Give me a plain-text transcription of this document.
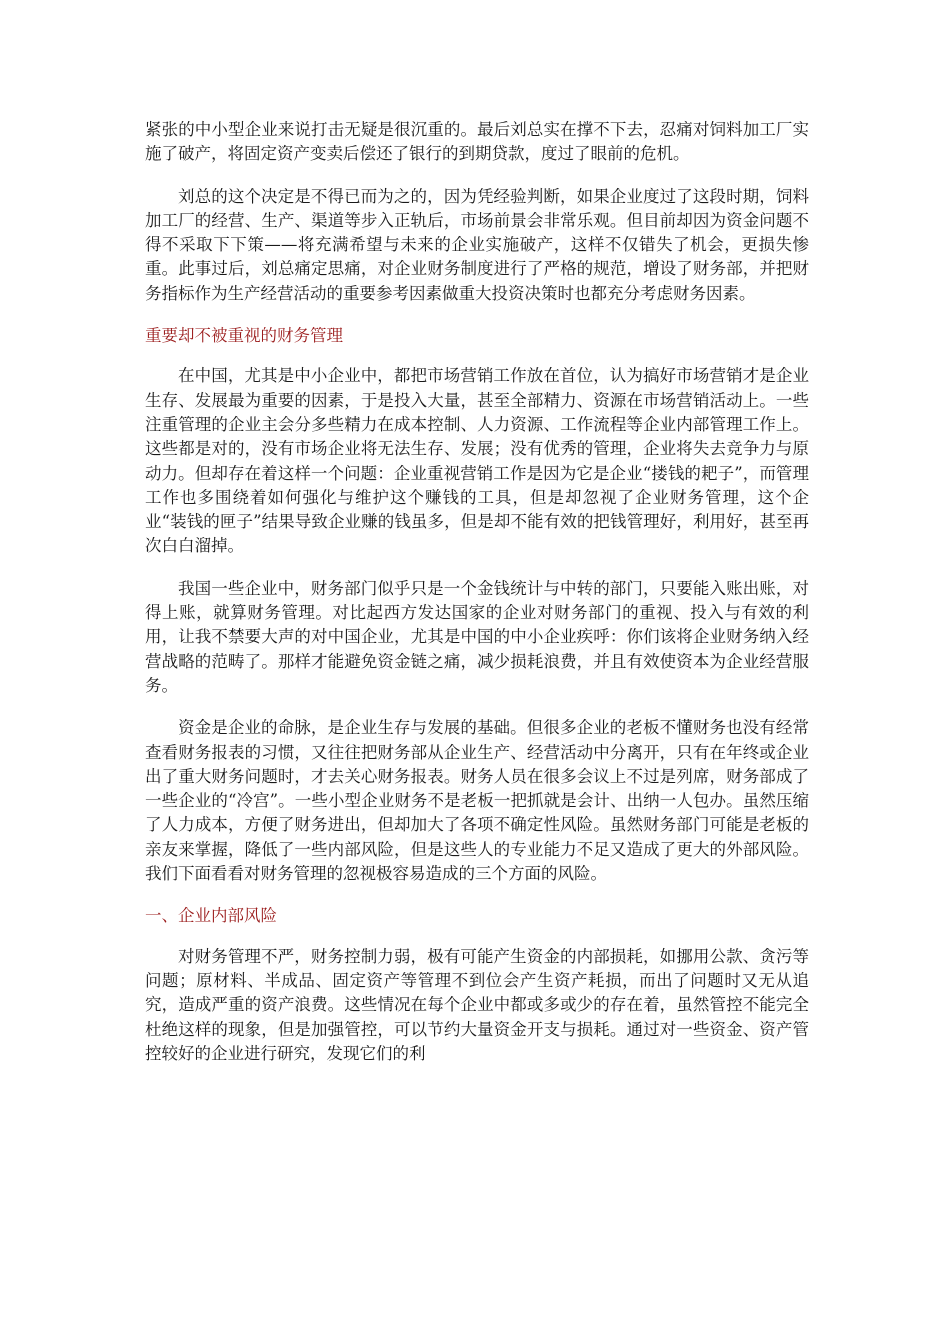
紧张的中小型企业来说打击无疑是很沉重的。最后刘总实在撑不下去，忍痛对饲料加工厂实施了破产，将固定资产变卖后偿还了银行的到期贷款，度过了眼前的危机。

刘总的这个决定是不得已而为之的，因为凭经验判断，如果企业度过了这段时期，饲料加工厂的经营、生产、渠道等步入正轨后，市场前景会非常乐观。但目前却因为资金问题不得不采取下下策——将充满希望与未来的企业实施破产，这样不仅错失了机会，更损失惨重。此事过后，刘总痛定思痛，对企业财务制度进行了严格的规范，增设了财务部，并把财务指标作为生产经营活动的重要参考因素做重大投资决策时也都充分考虑财务因素。

重要却不被重视的财务管理

在中国，尤其是中小企业中，都把市场营销工作放在首位，认为搞好市场营销才是企业生存、发展最为重要的因素，于是投入大量，甚至全部精力、资源在市场营销活动上。一些注重管理的企业主会分多些精力在成本控制、人力资源、工作流程等企业内部管理工作上。这些都是对的，没有市场企业将无法生存、发展；没有优秀的管理，企业将失去竞争力与原动力。但却存在着这样一个问题：企业重视营销工作是因为它是企业“搂钱的耙子”，而管理工作也多围绕着如何强化与维护这个赚钱的工具，但是却忽视了企业财务管理，这个企业“装钱的匣子”结果导致企业赚的钱虽多，但是却不能有效的把钱管理好，利用好，甚至再次白白溜掉。

我国一些企业中，财务部门似乎只是一个金钱统计与中转的部门，只要能入账出账，对得上账，就算财务管理。对比起西方发达国家的企业对财务部门的重视、投入与有效的利用，让我不禁要大声的对中国企业，尤其是中国的中小企业疾呼：你们该将企业财务纳入经营战略的范畴了。那样才能避免资金链之痛，减少损耗浪费，并且有效使资本为企业经营服务。

资金是企业的命脉，是企业生存与发展的基础。但很多企业的老板不懂财务也没有经常查看财务报表的习惯，又往往把财务部从企业生产、经营活动中分离开，只有在年终或企业出了重大财务问题时，才去关心财务报表。财务人员在很多会议上不过是列席，财务部成了一些企业的“冷宫”。一些小型企业财务不是老板一把抓就是会计、出纳一人包办。虽然压缩了人力成本，方便了财务进出，但却加大了各项不确定性风险。虽然财务部门可能是老板的亲友来掌握，降低了一些内部风险，但是这些人的专业能力不足又造成了更大的外部风险。我们下面看看对财务管理的忽视极容易造成的三个方面的风险。

一、企业内部风险

对财务管理不严，财务控制力弱，极有可能产生资金的内部损耗，如挪用公款、贪污等问题；原材料、半成品、固定资产等管理不到位会产生资产耗损，而出了问题时又无从追究，造成严重的资产浪费。这些情况在每个企业中都或多或少的存在着，虽然管控不能完全杜绝这样的现象，但是加强管控，可以节约大量资金开支与损耗。通过对一些资金、资产管控较好的企业进行研究，发现它们的利
